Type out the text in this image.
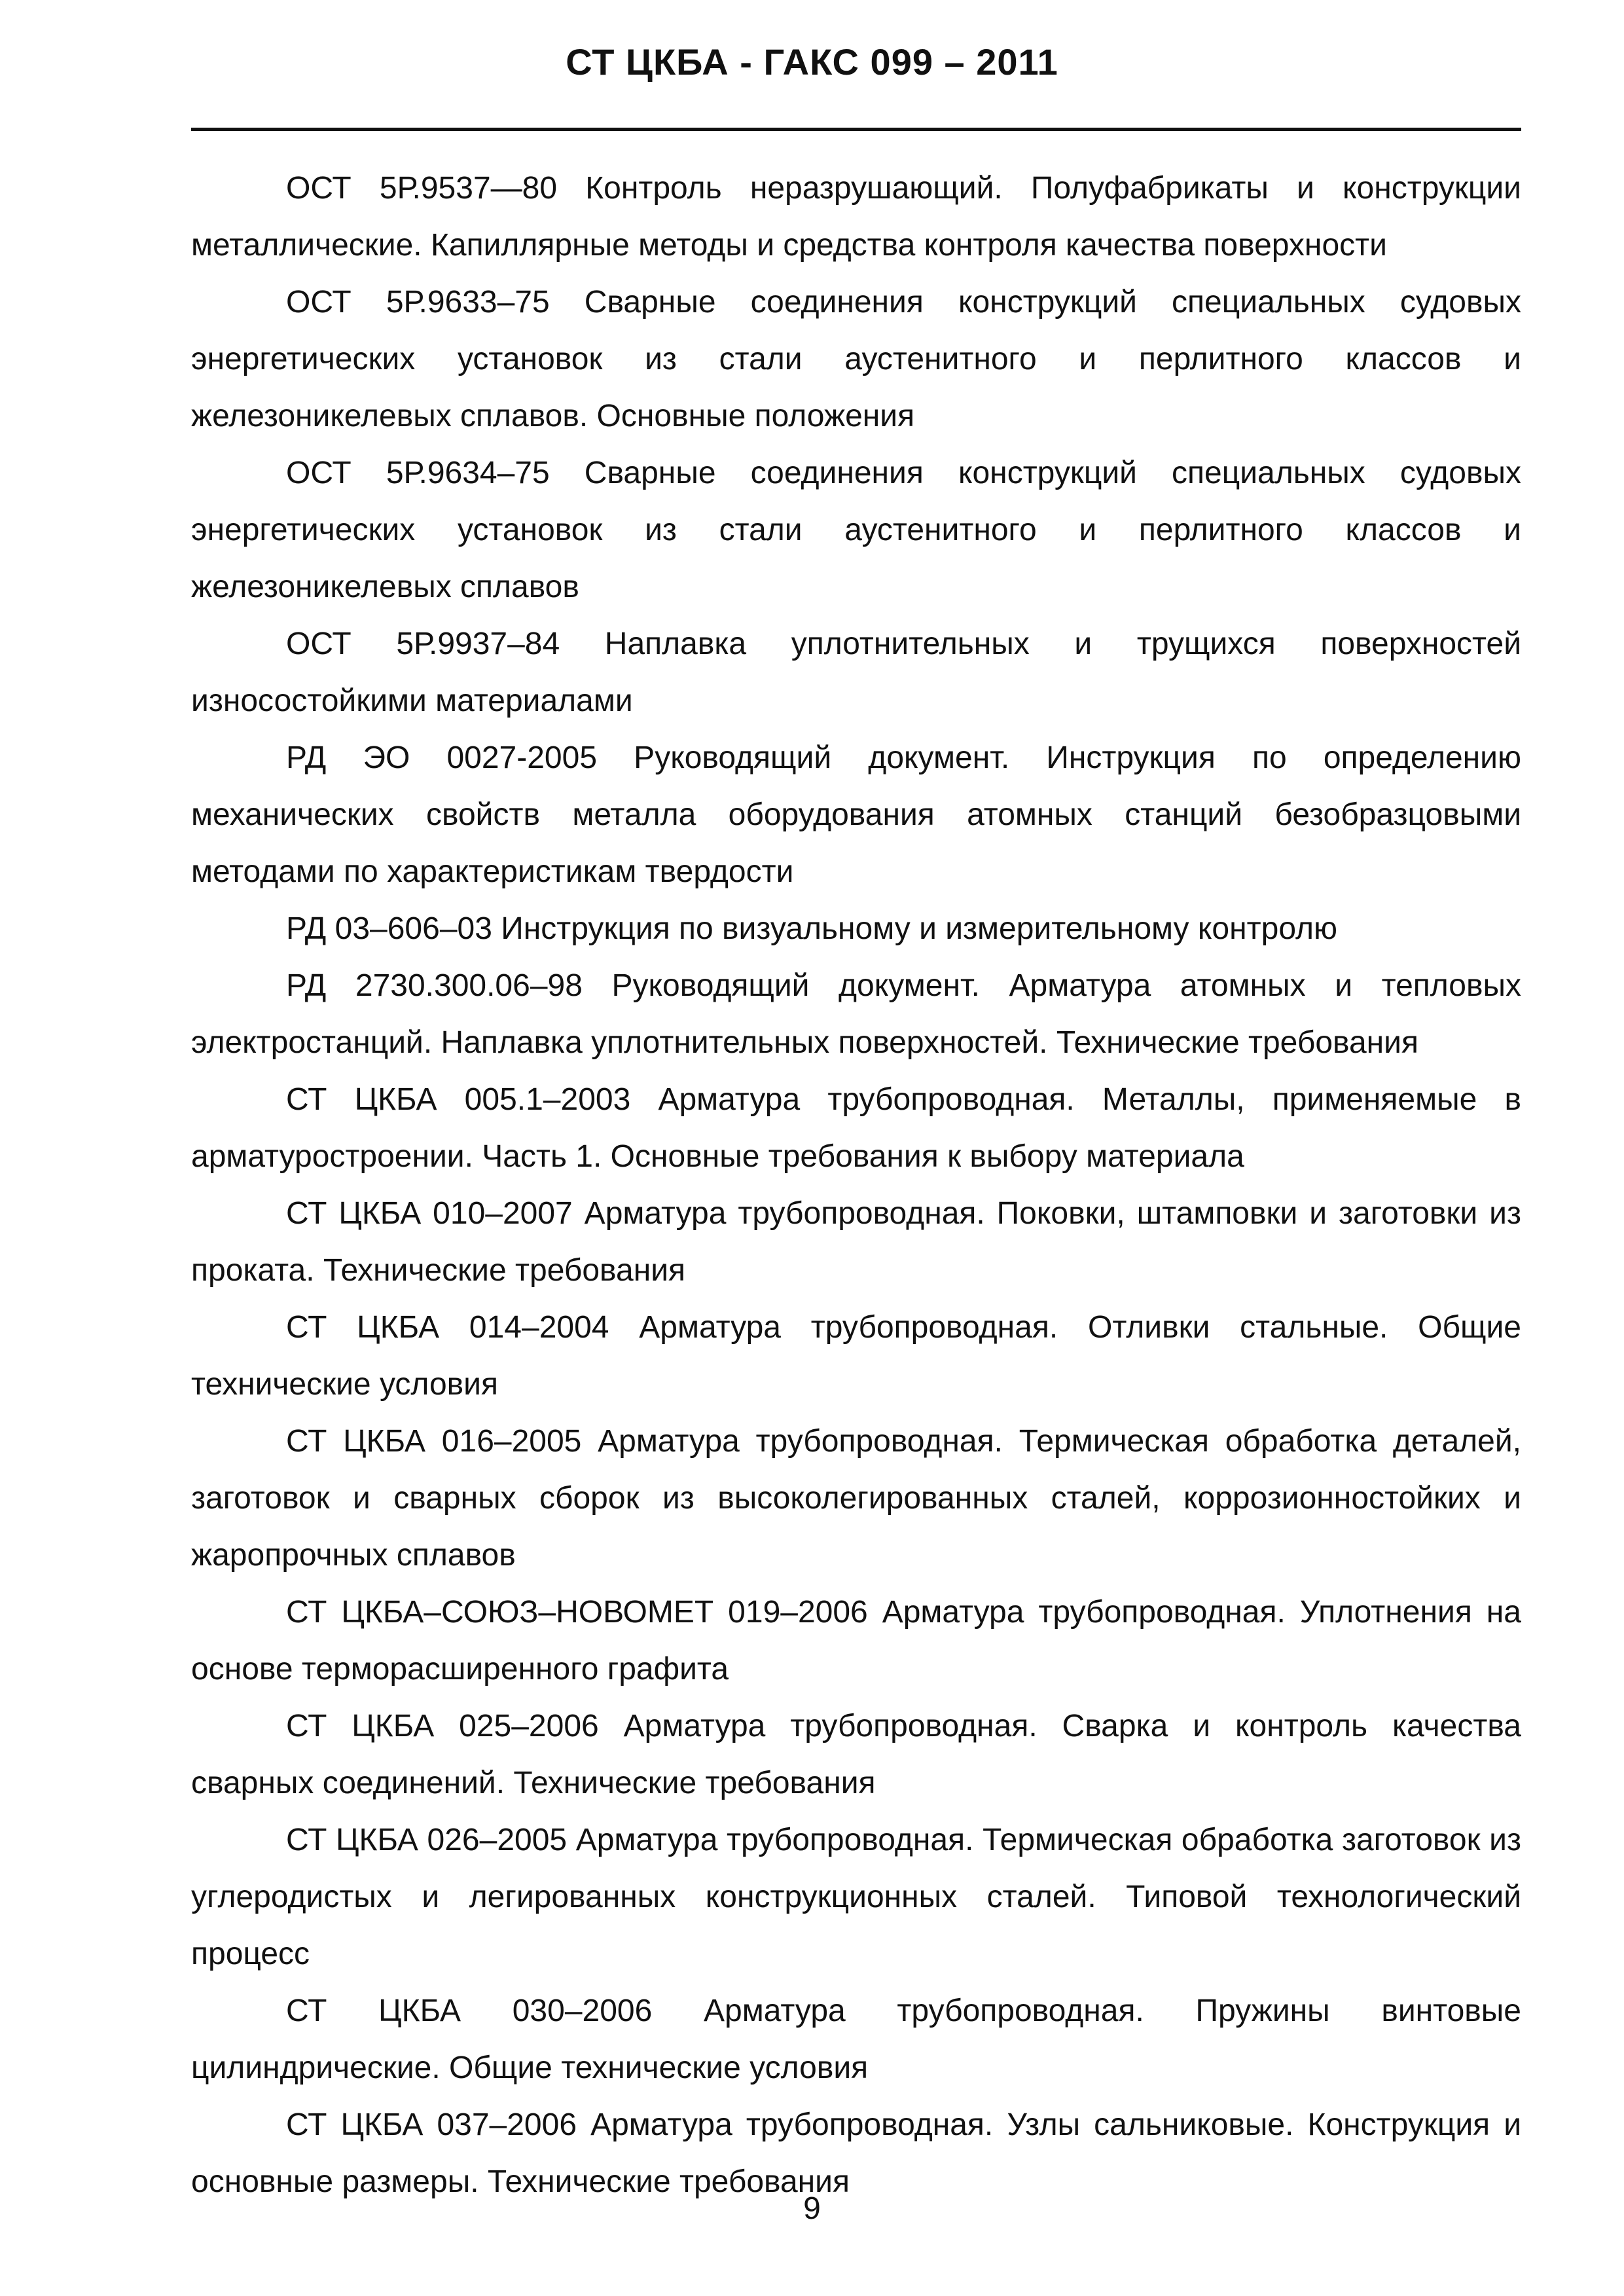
СТ ЦКБА - ГАКС 099 – 2011
ОСТ 5Р.9537—80 Контроль неразрушающий. Полуфабрикаты и конструкции металлические. Капиллярные методы и средства контроля качества поверхности
ОСТ 5Р.9633–75 Сварные соединения конструкций специальных судовых энергетических установок из стали аустенитного и перлитного классов и железоникелевых сплавов. Основные положения
ОСТ 5Р.9634–75 Сварные соединения конструкций специальных судовых энергетических установок из стали аустенитного и перлитного классов и железоникелевых сплавов
ОСТ 5Р.9937–84 Наплавка уплотнительных и трущихся поверхностей износостойкими материалами
РД ЭО 0027-2005 Руководящий документ. Инструкция по определению механических свойств металла оборудования атомных станций безобразцовыми методами по характеристикам твердости
РД 03–606–03 Инструкция по визуальному и измерительному контролю
РД 2730.300.06–98 Руководящий документ. Арматура атомных и тепловых электростанций. Наплавка уплотнительных поверхностей. Технические требования
СТ ЦКБА 005.1–2003 Арматура трубопроводная. Металлы, применяемые в арматуростроении. Часть 1. Основные требования к выбору материала
СТ ЦКБА 010–2007 Арматура трубопроводная. Поковки, штамповки и заготовки из проката. Технические требования
СТ ЦКБА 014–2004 Арматура трубопроводная. Отливки стальные. Общие технические условия
СТ ЦКБА 016–2005 Арматура трубопроводная. Термическая обработка деталей, заготовок и сварных сборок из высоколегированных сталей, коррозионностойких и жаропрочных сплавов
СТ ЦКБА–СОЮЗ–НОВОМЕТ 019–2006 Арматура трубопроводная. Уплотнения на основе терморасширенного графита
СТ ЦКБА 025–2006 Арматура трубопроводная. Сварка и контроль качества сварных соединений. Технические требования
СТ ЦКБА 026–2005 Арматура трубопроводная. Термическая обработка заготовок из углеродистых и легированных конструкционных сталей. Типовой технологический процесс
СТ ЦКБА 030–2006 Арматура трубопроводная. Пружины винтовые цилиндрические. Общие технические условия
СТ ЦКБА 037–2006 Арматура трубопроводная. Узлы сальниковые. Конструкция и основные размеры. Технические требования
9
